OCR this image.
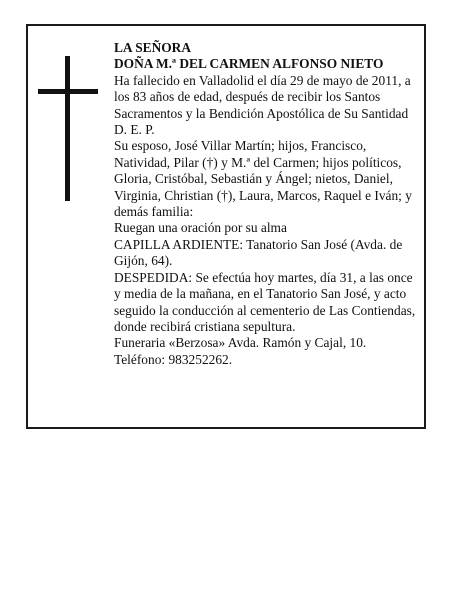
LA SEÑORA

DOÑA M.ª DEL CARMEN ALFONSO NIETO

Ha fallecido en Valladolid el día 29 de mayo de 2011, a los 83 años de edad, después de recibir los Santos Sacramentos y la Bendición Apostólica de Su Santidad D. E. P.

Su esposo, José Villar Martín; hijos, Francisco, Natividad, Pilar (†) y M.ª del Carmen; hijos políticos, Gloria, Cristóbal, Sebastián y Ángel; nietos, Daniel, Virginia, Christian (†), Laura, Marcos, Raquel e Iván; y demás familia:

Ruegan una oración por su alma

CAPILLA ARDIENTE: Tanatorio San José (Avda. de Gijón, 64).

DESPEDIDA: Se efectúa hoy martes, día 31, a las once y media de la mañana, en el Tanatorio San José, y acto seguido la conducción al cementerio de Las Contiendas, donde recibirá cristiana sepultura.

Funeraria «Berzosa» Avda. Ramón y Cajal, 10.

Teléfono: 983252262.
